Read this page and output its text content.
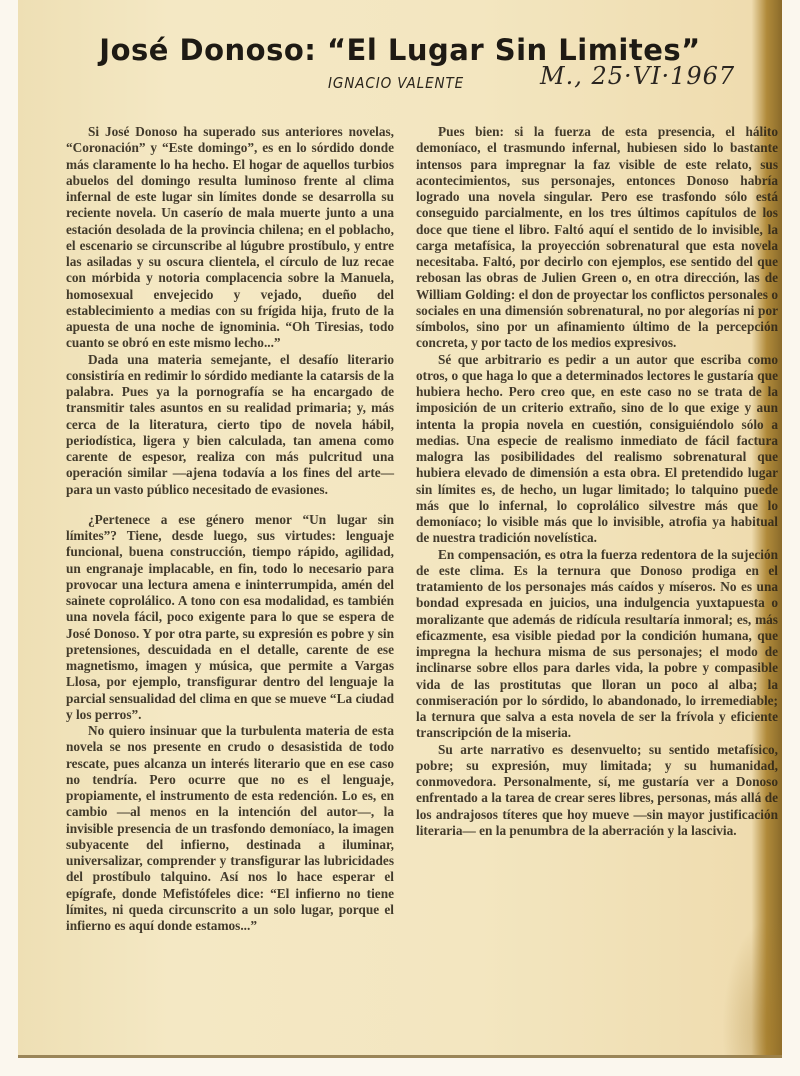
José Donoso: “El Lugar Sin Limites”
IGNACIO VALENTE	M., 25·VI·1967

Si José Donoso ha superado sus anteriores novelas, “Coronación” y “Este domingo”, es en lo sórdido donde más claramente lo ha hecho. El hogar de aquellos turbios abuelos del domingo resulta luminoso frente al clima infernal de este lugar sin límites donde se desarrolla su reciente novela. Un caserío de mala muerte junto a una estación desolada de la provincia chilena; en el poblacho, el escenario se circunscribe al lúgubre prostíbulo, y entre las asiladas y su oscura clientela, el círculo de luz recae con mórbida y notoria complacencia sobre la Manuela, homosexual envejecido y vejado, dueño del establecimiento a medias con su frígida hija, fruto de la apuesta de una noche de ignominia. “Oh Tiresias, todo cuanto se obró en este mismo lecho...”

Dada una materia semejante, el desafío literario consistiría en redimir lo sórdido mediante la catarsis de la palabra. Pues ya la pornografía se ha encargado de transmitir tales asuntos en su realidad primaria; y, más cerca de la literatura, cierto tipo de novela hábil, periodística, ligera y bien calculada, tan amena como carente de espesor, realiza con más pulcritud una operación similar —ajena todavía a los fines del arte— para un vasto público necesitado de evasiones.

¿Pertenece a ese género menor “Un lugar sin límites”? Tiene, desde luego, sus virtudes: lenguaje funcional, buena construcción, tiempo rápido, agilidad, un engranaje implacable, en fin, todo lo necesario para provocar una lectura amena e ininterrumpida, amén del sainete coprolálico. A tono con esa modalidad, es también una novela fácil, poco exigente para lo que se espera de José Donoso. Y por otra parte, su expresión es pobre y sin pretensiones, descuidada en el detalle, carente de ese magnetismo, imagen y música, que permite a Vargas Llosa, por ejemplo, transfigurar dentro del lenguaje la parcial sensualidad del clima en que se mueve “La ciudad y los perros”.

No quiero insinuar que la turbulenta materia de esta novela se nos presente en crudo o desasistida de todo rescate, pues alcanza un interés literario que en ese caso no tendría. Pero ocurre que no es el lenguaje, propiamente, el instrumento de esta redención. Lo es, en cambio —al menos en la intención del autor—, la invisible presencia de un trasfondo demoníaco, la imagen subyacente del infierno, destinada a iluminar, universalizar, comprender y transfigurar las lubricidades del prostíbulo talquino. Así nos lo hace esperar el epígrafe, donde Mefistófeles dice: “El infierno no tiene límites, ni queda circunscrito a un solo lugar, porque el infierno es aquí donde estamos...”

Pues bien: si la fuerza de esta presencia, el hálito demoníaco, el trasmundo infernal, hubiesen sido lo bastante intensos para impregnar la faz visible de este relato, sus acontecimientos, sus personajes, entonces Donoso habría logrado una novela singular. Pero ese trasfondo sólo está conseguido parcialmente, en los tres últimos capítulos de los doce que tiene el libro. Faltó aquí el sentido de lo invisible, la carga metafísica, la proyección sobrenatural que esta novela necesitaba. Faltó, por decirlo con ejemplos, ese sentido del que rebosan las obras de Julien Green o, en otra dirección, las de William Golding: el don de proyectar los conflictos personales o sociales en una dimensión sobrenatural, no por alegorías ni por símbolos, sino por un afinamiento último de la percepción concreta, y por tacto de los medios expresivos.

Sé que arbitrario es pedir a un autor que escriba como otros, o que haga lo que a determinados lectores le gustaría que hubiera hecho. Pero creo que, en este caso no se trata de la imposición de un criterio extraño, sino de lo que exige y aun intenta la propia novela en cuestión, consiguiéndolo sólo a medias. Una especie de realismo inmediato de fácil factura malogra las posibilidades del realismo sobrenatural que hubiera elevado de dimensión a esta obra. El pretendido lugar sin límites es, de hecho, un lugar limitado; lo talquino puede más que lo infernal, lo coprolálico silvestre más que lo demoníaco; lo visible más que lo invisible, atrofia ya habitual de nuestra tradición novelística.

En compensación, es otra la fuerza redentora de la sujeción de este clima. Es la ternura que Donoso prodiga en el tratamiento de los personajes más caídos y míseros. No es una bondad expresada en juicios, una indulgencia yuxtapuesta o moralizante que además de ridícula resultaría inmoral; es, más eficazmente, esa visible piedad por la condición humana, que impregna la hechura misma de sus personajes; el modo de inclinarse sobre ellos para darles vida, la pobre y compasible vida de las prostitutas que lloran un poco al alba; la conmiseración por lo sórdido, lo abandonado, lo irremediable; la ternura que salva a esta novela de ser la frívola y eficiente transcripción de la miseria.

Su arte narrativo es desenvuelto; su sentido metafísico, pobre; su expresión, muy limitada; y su humanidad, conmovedora. Personalmente, sí, me gustaría ver a Donoso enfrentado a la tarea de crear seres libres, personas, más allá de los andrajosos títeres que hoy mueve —sin mayor justificación literaria— en la penumbra de la aberración y la lascivia.
